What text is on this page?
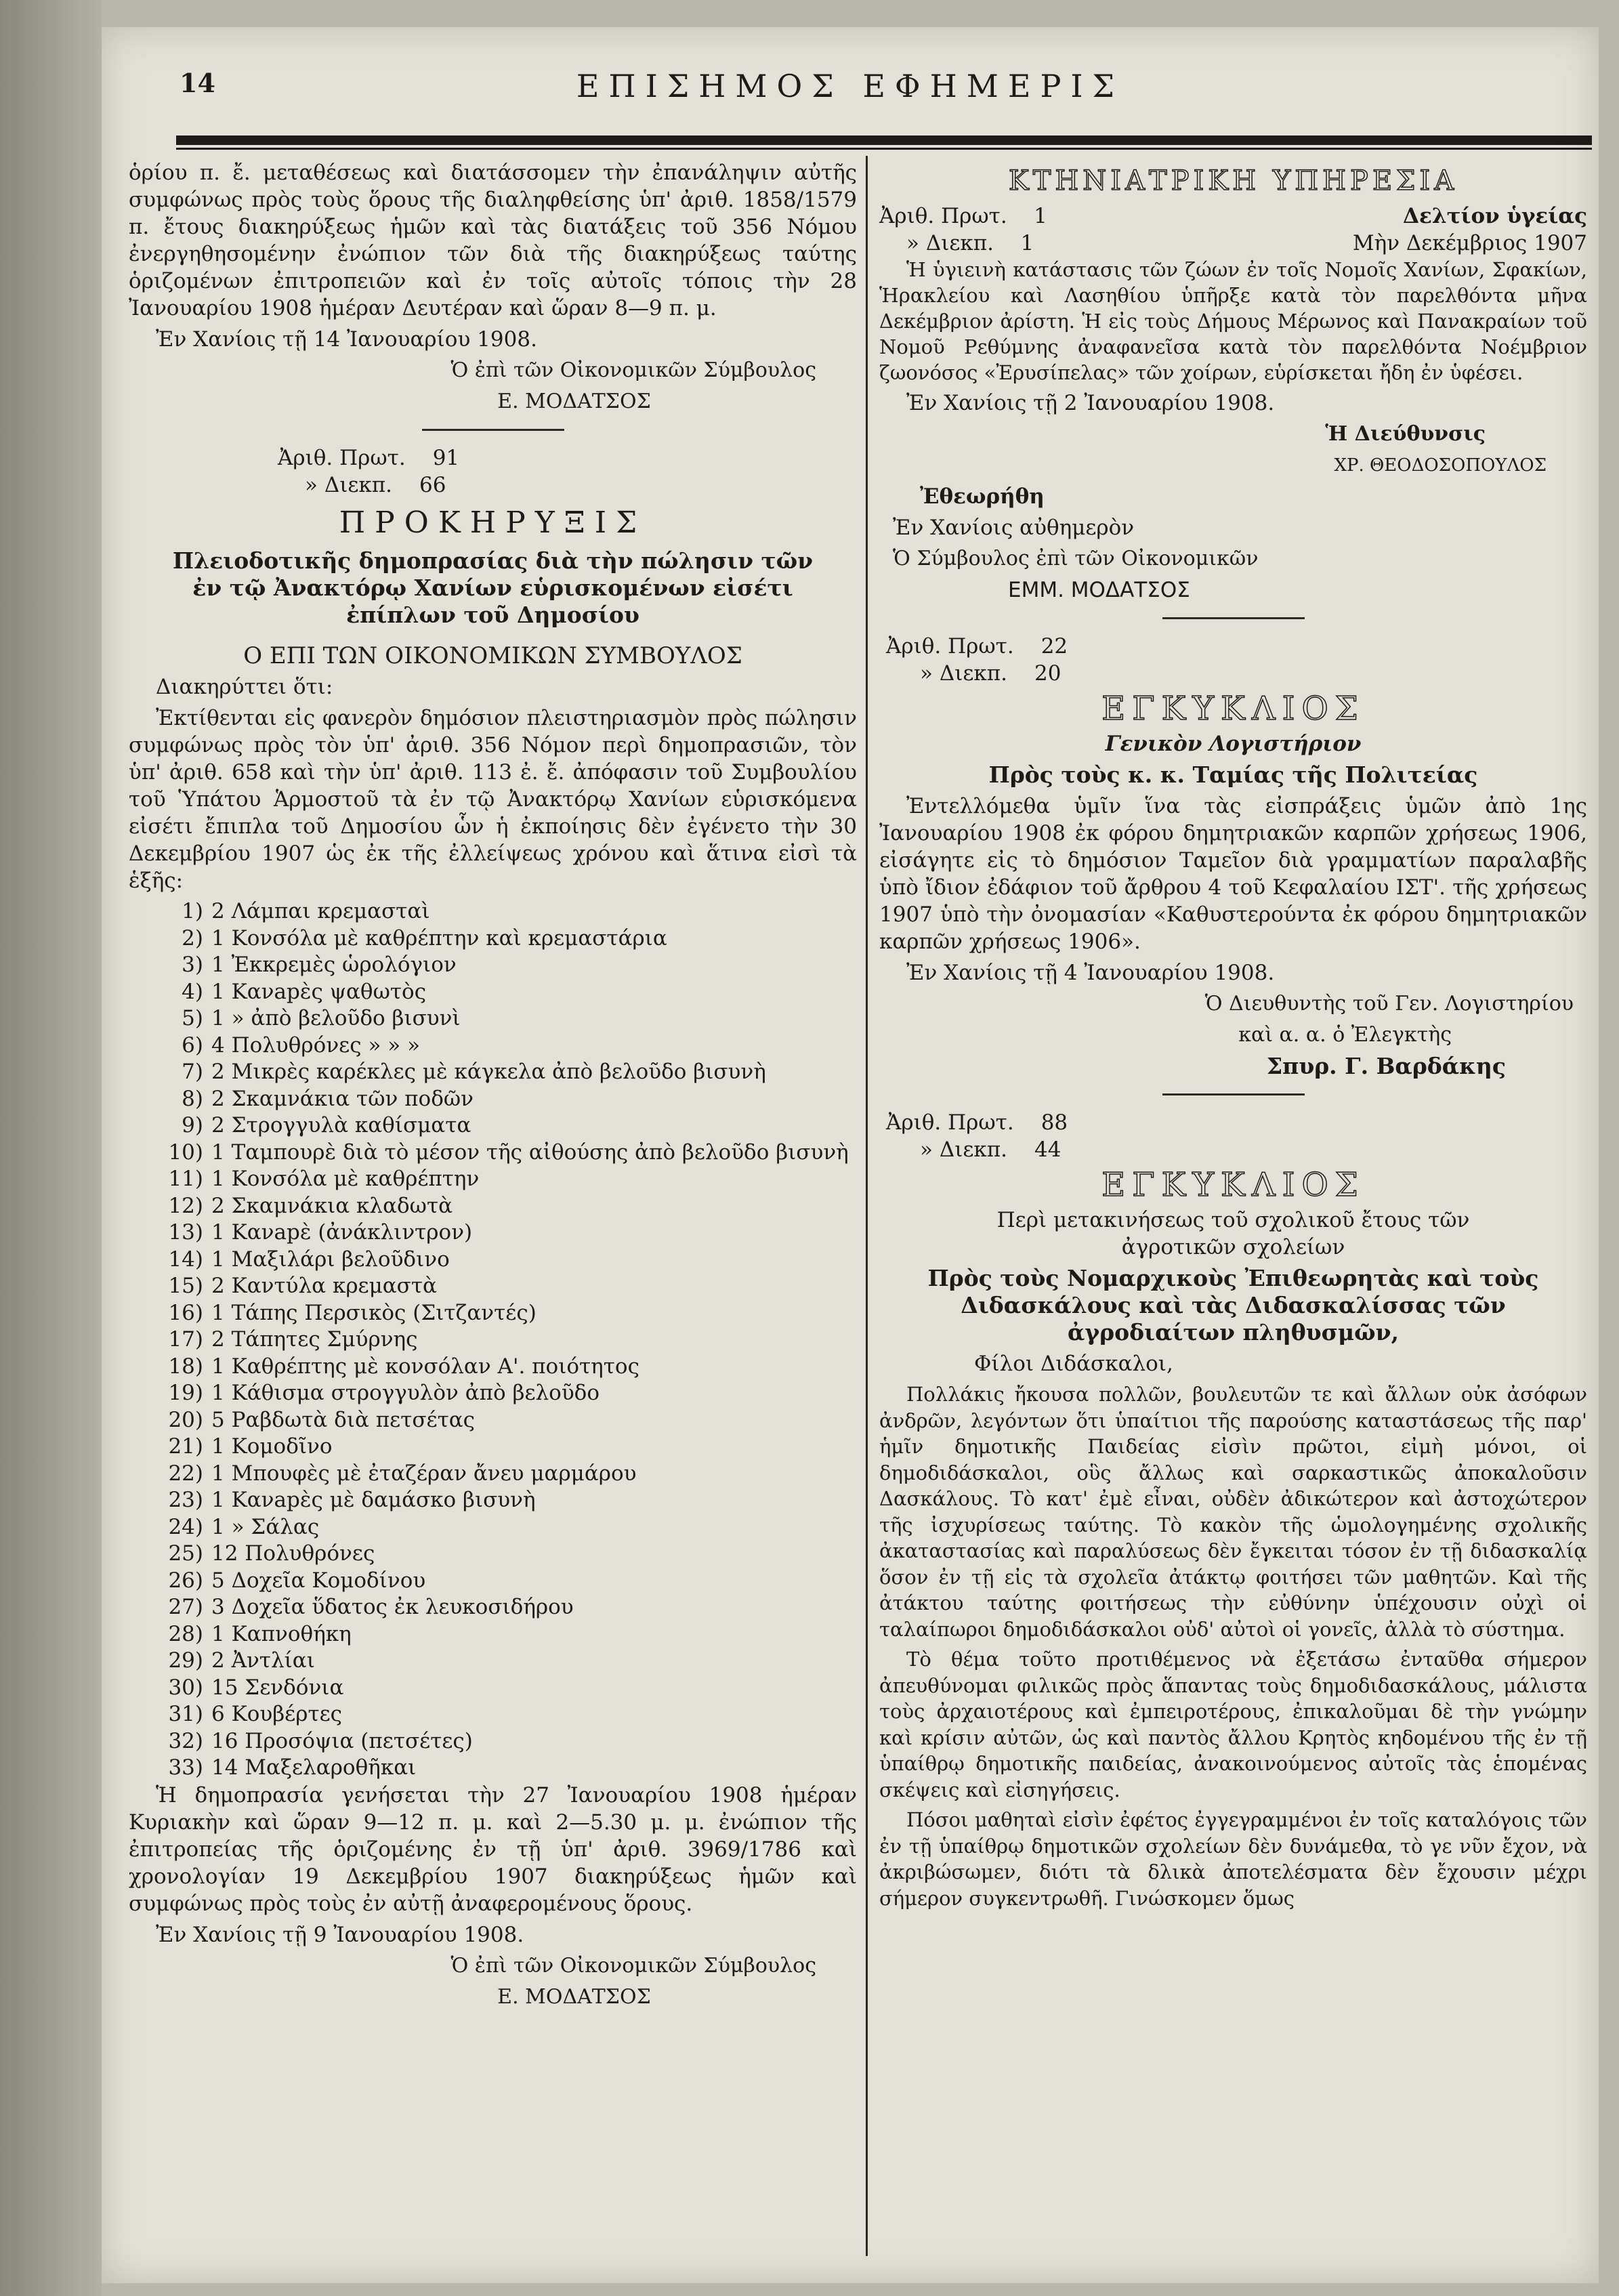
14	ΕΠΙΣΗΜΟΣ ΕΦΗΜΕΡΙΣ

ὁρίου π. ἔ. μεταθέσεως καὶ διατάσσομεν τὴν ἐπανάληψιν αὐτῆς συμφώνως πρὸς τοὺς ὅρους τῆς διαληφθείσης ὑπ' ἀριθ. 1858/1579 π. ἔτους διακηρύξεως ἡμῶν καὶ τὰς διατάξεις τοῦ 356 Νόμου ἐνεργηθησομένην ἐνώπιον τῶν διὰ τῆς διακηρύξεως ταύτης ὁριζομένων ἐπιτροπειῶν καὶ ἐν τοῖς αὐτοῖς τόποις τὴν 28 Ἰανουαρίου 1908 ἡμέραν Δευτέραν καὶ ὥραν 8—9 π. μ.

Ἐν Χανίοις τῇ 14 Ἰανουαρίου 1908.

Ὁ ἐπὶ τῶν Οἰκονομικῶν Σύμβουλος

Ε. ΜΟΔΑΤΣΟΣ

Ἀριθ. Πρωτ. 91
» Διεκπ. 66
ΠΡΟΚΗΡΥΞΙΣ

Πλειοδοτικῆς δημοπρασίας διὰ τὴν πώλησιν τῶν ἐν τῷ Ἀνακτόρῳ Χανίων εὑρισκομένων εἰσέτι ἐπίπλων τοῦ Δημοσίου

Ο ΕΠΙ ΤΩΝ ΟΙΚΟΝΟΜΙΚΩΝ ΣΥΜΒΟΥΛΟΣ

Διακηρύττει ὅτι:

Ἐκτίθενται εἰς φανερὸν δημόσιον πλειστηριασμὸν πρὸς πώλησιν συμφώνως πρὸς τὸν ὑπ' ἀριθ. 356 Νόμον περὶ δημοπρασιῶν, τὸν ὑπ' ἀριθ. 658 καὶ τὴν ὑπ' ἀριθ. 113 ἐ. ἔ. ἀπόφασιν τοῦ Συμβουλίου τοῦ Ὑπάτου Ἁρμοστοῦ τὰ ἐν τῷ Ἀνακτόρῳ Χανίων εὑρισκόμενα εἰσέτι ἔπιπλα τοῦ Δημοσίου ὧν ἡ ἐκποίησις δὲν ἐγένετο τὴν 30 Δεκεμβρίου 1907 ὡς ἐκ τῆς ἐλλείψεως χρόνου καὶ ἅτινα εἰσὶ τὰ ἑξῆς:

1) 2 Λάμπαι κρεμασταὶ
2) 1 Κονσόλα μὲ καθρέπτην καὶ κρεμαστάρια
3) 1 Ἐκκρεμὲς ὡρολόγιον
4) 1 Κανapὲς ψαθωτὸς
5) 1 » ἀπὸ βελοῦδο βισυνὶ
6) 4 Πολυθρόνες » » »
7) 2 Μικρὲς καρέκλες μὲ κάγκελα ἀπὸ βελοῦδο βισυνὴ
8) 2 Σκαμνάκια τῶν ποδῶν
9) 2 Στρογγυλὰ καθίσματα
10) 1 Ταμπουρὲ διὰ τὸ μέσον τῆς αἰθούσης ἀπὸ βελοῦδο βισυνὴ
11) 1 Κονσόλα μὲ καθρέπτην
12) 2 Σκαμνάκια κλαδωτὰ
13) 1 Κανapὲ (ἀνάκλιντρον)
14) 1 Μαξιλάρι βελοῦδινο
15) 2 Καντύλα κρεμαστὰ
16) 1 Τάπης Περσικὸς (Σιτζαντές)
17) 2 Τάπητες Σμύρνης
18) 1 Καθρέπτης μὲ κονσόλαν Α'. ποιότητος
19) 1 Κάθισμα στρογγυλὸν ἀπὸ βελοῦδο
20) 5 Ραβδωτὰ διὰ πετσέτας
21) 1 Κομοδῖνο
22) 1 Μπουφὲς μὲ ἐταζέραν ἄνευ μαρμάρου
23) 1 Κανapὲς μὲ δαμάσκο βισυνὴ
24) 1 » Σάλας
25) 12 Πολυθρόνες
26) 5 Δοχεῖα Κομοδίνου
27) 3 Δοχεῖα ὕδατος ἐκ λευκοσιδήρου
28) 1 Καπνοθήκη
29) 2 Ἀντλίαι
30) 15 Σενδόνια
31) 6 Κουβέρτες
32) 16 Προσόψια (πετσέτες)
33) 14 Μαξελαροθῆκαι

Ἡ δημοπρασία γενήσεται τὴν 27 Ἰανουαρίου 1908 ἡμέραν Κυριακὴν καὶ ὥραν 9—12 π. μ. καὶ 2—5.30 μ. μ. ἐνώπιον τῆς ἐπιτροπείας τῆς ὁριζομένης ἐν τῇ ὑπ' ἀριθ. 3969/1786 καὶ χρονολογίαν 19 Δεκεμβρίου 1907 διακηρύξεως ἡμῶν καὶ συμφώνως πρὸς τοὺς ἐν αὐτῇ ἀναφερομένους ὅρους.

Ἐν Χανίοις τῇ 9 Ἰανουαρίου 1908.

Ὁ ἐπὶ τῶν Οἰκονομικῶν Σύμβουλος

Ε. ΜΟΔΑΤΣΟΣ

ΚΤΗΝΙΑΤΡΙΚΗ ΥΠΗΡΕΣΙΑ
Ἀριθ. Πρωτ. 1	Δελτίον ὑγείας
» Διεκπ. 1	Μὴν Δεκέμβριος 1907

Ἡ ὑγιεινὴ κατάστασις τῶν ζώων ἐν τοῖς Νομοῖς Χανίων, Σφακίων, Ἡρακλείου καὶ Λασηθίου ὑπῆρξε κατὰ τὸν παρελθόντα μῆνα Δεκέμβριον ἀρίστη. Ἡ εἰς τοὺς Δήμους Μέρωνος καὶ Παναкραίων τοῦ Νομοῦ Ρεθύμνης ἀναφανεῖσα κατὰ τὸν παρελθόντα Νοέμβριον ζωονόσος «Ἐρυσίπελας» τῶν χοίρων, εὑρίσκεται ἤδη ἐν ὑφέσει.

Ἐν Χανίοις τῇ 2 Ἰανουαρίου 1908.

Ἡ Διεύθυνσις

ΧΡ. ΘΕΟΔΟΣΟΠΟΥΛΟΣ

Ἐθεωρήθη

Ἐν Χανίοις αὐθημερὸν

Ὁ Σύμβουλος ἐπὶ τῶν Οἰκονομικῶν

ΕΜΜ. ΜΟΔΑΤΣΟΣ

Ἀριθ. Πρωτ. 22
» Διεκπ. 20
ΕΓΚΥΚΛΙΟΣ

Γενικὸν Λογιστήριον

Πρὸς τοὺς κ. κ. Ταμίας τῆς Πολιτείας

Ἐντελλόμεθα ὑμῖν ἵνα τὰς εἰσπράξεις ὑμῶν ἀπὸ 1ης Ἰανουαρίου 1908 ἐκ φόρου δημητριακῶν καρπῶν χρήσεως 1906, εἰσάγητε εἰς τὸ δημόσιον Ταμεῖον διὰ γραμματίων παραλαβῆς ὑπὸ ἴδιον ἐδάφιον τοῦ ἄρθρου 4 τοῦ Κεφαλαίου ΙΣΤ'. τῆς χρήσεως 1907 ὑπὸ τὴν ὀνομασίαν «Καθυστερούντα ἐκ φόρου δημητριακῶν καρπῶν χρήσεως 1906».

Ἐν Χανίοις τῇ 4 Ἰανουαρίου 1908.

Ὁ Διευθυντὴς τοῦ Γεν. Λογιστηρίου

καὶ α. α. ὁ Ἐλεγκτὴς

Σπυρ. Γ. Βαρδάκης

Ἀριθ. Πρωτ. 88
» Διεκπ. 44
ΕΓΚΥΚΛΙΟΣ

Περὶ μετακινήσεως τοῦ σχολικοῦ ἔτους τῶν ἀγροτικῶν σχολείων

Πρὸς τοὺς Νομαρχικοὺς Ἐπιθεωρητὰς καὶ τοὺς Διδασκάλους καὶ τὰς Διδασκαλίσσας τῶν ἀγροδιαίτων πληθυσμῶν,

Φίλοι Διδάσκαλοι,

Πολλάκις ἤκουσα πολλῶν, βουλευτῶν τε καὶ ἄλλων οὐκ ἀσόφων ἀνδρῶν, λεγόντων ὅτι ὑπαίτιοι τῆς παρούσης καταστάσεως τῆς παρ' ἡμῖν δημοτικῆς Παιδείας εἰσὶν πρῶτοι, εἰμὴ μόνοι, οἱ δημοδιδάσκαλοι, οὓς ἄλλως καὶ σαρκαστικῶς ἀποκαλοῦσιν Δασκάλους. Τὸ κατ' ἐμὲ εἶναι, οὐδὲν ἀδικώτερον καὶ ἀστοχώτερον τῆς ἰσχυρίσεως ταύτης. Τὸ κακὸν τῆς ὡμολογημένης σχολικῆς ἀκαταστασίας καὶ παραλύσεως δὲν ἔγκειται τόσον ἐν τῇ διδασκαλίᾳ ὅσον ἐν τῇ εἰς τὰ σχολεῖα ἀτάκτῳ φοιτήσει τῶν μαθητῶν. Καὶ τῆς ἀτάκτου ταύτης φοιτήσεως τὴν εὐθύνην ὑπέχουσιν οὐχὶ οἱ ταλαίπωροι δημοδιδάσκαλοι οὐδ' αὐτοὶ οἱ γονεῖς, ἀλλὰ τὸ σύστημα.

Τὸ θέμα τοῦτο προτιθέμενος νὰ ἐξετάσω ἐνταῦθα σήμερον ἀπευθύνομαι φιλικῶς πρὸς ἅπαντας τοὺς δημοδιδασκάλους, μάλιστα τοὺς ἀρχαιοτέρους καὶ ἐμπειροτέρους, ἐπικαλοῦμαι δὲ τὴν γνώμην καὶ κρίσιν αὐτῶν, ὡς καὶ παντὸς ἄλλου Κρητὸς κηδομένου τῆς ἐν τῇ ὑπαίθρῳ δημοτικῆς παιδείας, ἀνακοινούμενος αὐτοῖς τὰς ἑπομένας σκέψεις καὶ εἰσηγήσεις.

Πόσοι μαθηταὶ εἰσὶν ἐφέτος ἐγγεγραμμένοι ἐν τοῖς καταλόγοις τῶν ἐν τῇ ὑπαίθρῳ δημοτικῶν σχολείων δὲν δυνάμεθα, τὸ γε νῦν ἔχον, νὰ ἀκριβώσωμεν, διότι τὰ δλικὰ ἀποτελέσματα δὲν ἔχουσιν μέχρι σήμερον συγκεντρωθῆ. Γινώσκομεν ὅμως
